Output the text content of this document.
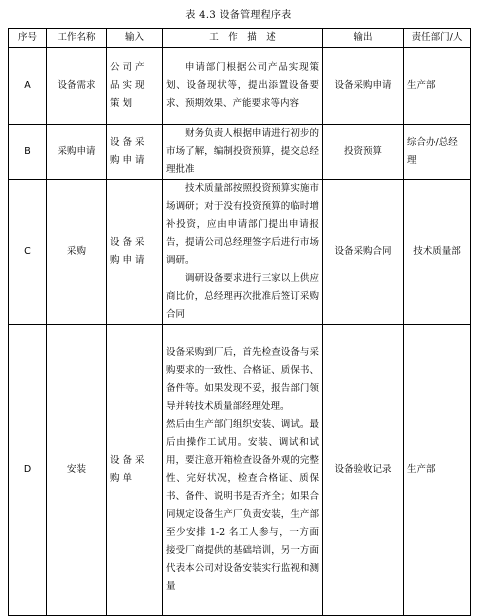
表 4.3 设备管理程序表
序号	工作名称	输入	工　作　描　述	输出	责任部门/人
A	设备需求	公司产品实现策划	申请部门根据公司产品实现策划、设备现状等，提出添置设备要求、预期效果、产能要求等内容	设备采购申请	生产部
B	采购申请	设备采购申请	财务负责人根据申请进行初步的市场了解，编制投资预算，提交总经理批准	投资预算	综合办/总经理
C	采购	设备采购申请	技术质量部按照投资预算实施市场调研；对于没有投资预算的临时增补投资，应由申请部门提出申请报告，提请公司总经理签字后进行市场调研。

调研设备要求进行三家以上供应商比价，总经理再次批准后签订采购合同	设备采购合同	技术质量部
D	安装	设备采购单	设备采购到厂后，首先检查设备与采购要求的一致性、合格证、质保书、备件等。如果发现不妥，报告部门领导并转技术质量部经理处理。

然后由生产部门组织安装、调试。最后由操作工试用。安装、调试和试用，要注意开箱检查设备外观的完整性、完好状况，检查合格证、质保书、备件、说明书是否齐全；如果合同规定设备生产厂负责安装，生产部至少安排 1-2 名工人参与，一方面接受厂商提供的基础培训，另一方面代表本公司对设备安装实行监视和测量	设备验收记录	生产部
